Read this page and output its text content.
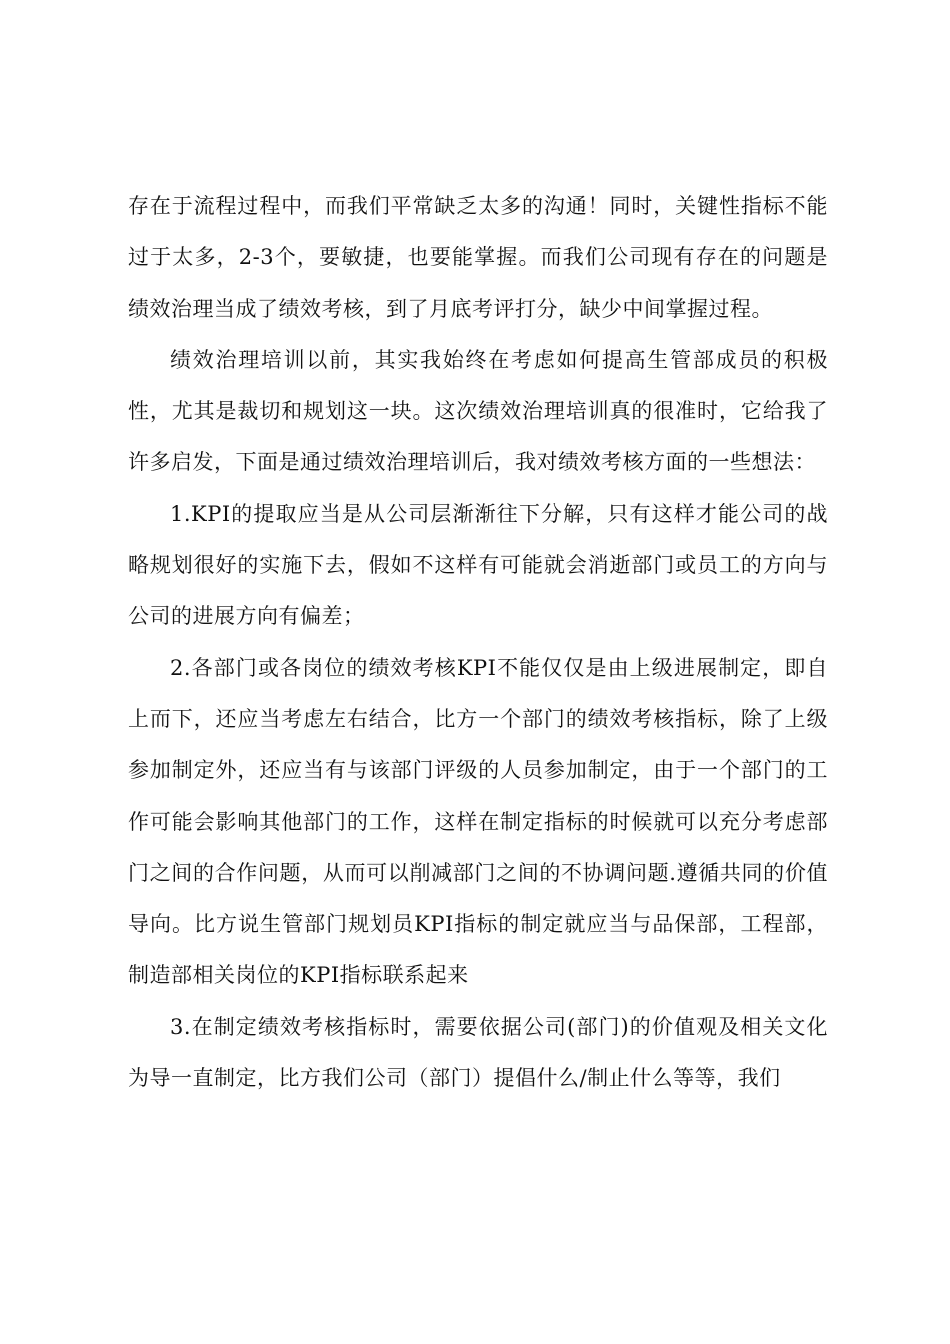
存在于流程过程中，而我们平常缺乏太多的沟通！同时，关键性指标不能过于太多，2-3个，要敏捷，也要能掌握。而我们公司现有存在的问题是绩效治理当成了绩效考核，到了月底考评打分，缺少中间掌握过程。

绩效治理培训以前，其实我始终在考虑如何提高生管部成员的积极性，尤其是裁切和规划这一块。这次绩效治理培训真的很准时，它给我了许多启发，下面是通过绩效治理培训后，我对绩效考核方面的一些想法：

1.KPI的提取应当是从公司层渐渐往下分解，只有这样才能公司的战略规划很好的实施下去，假如不这样有可能就会消逝部门或员工的方向与公司的进展方向有偏差；

2.各部门或各岗位的绩效考核KPI不能仅仅是由上级进展制定，即自上而下，还应当考虑左右结合，比方一个部门的绩效考核指标，除了上级参加制定外，还应当有与该部门评级的人员参加制定，由于一个部门的工作可能会影响其他部门的工作，这样在制定指标的时候就可以充分考虑部门之间的合作问题，从而可以削减部门之间的不协调问题.遵循共同的价值导向。比方说生管部门规划员KPI指标的制定就应当与品保部，工程部，制造部相关岗位的KPI指标联系起来

3.在制定绩效考核指标时，需要依据公司(部门)的价值观及相关文化为导一直制定，比方我们公司（部门）提倡什么/制止什么等等，我们
